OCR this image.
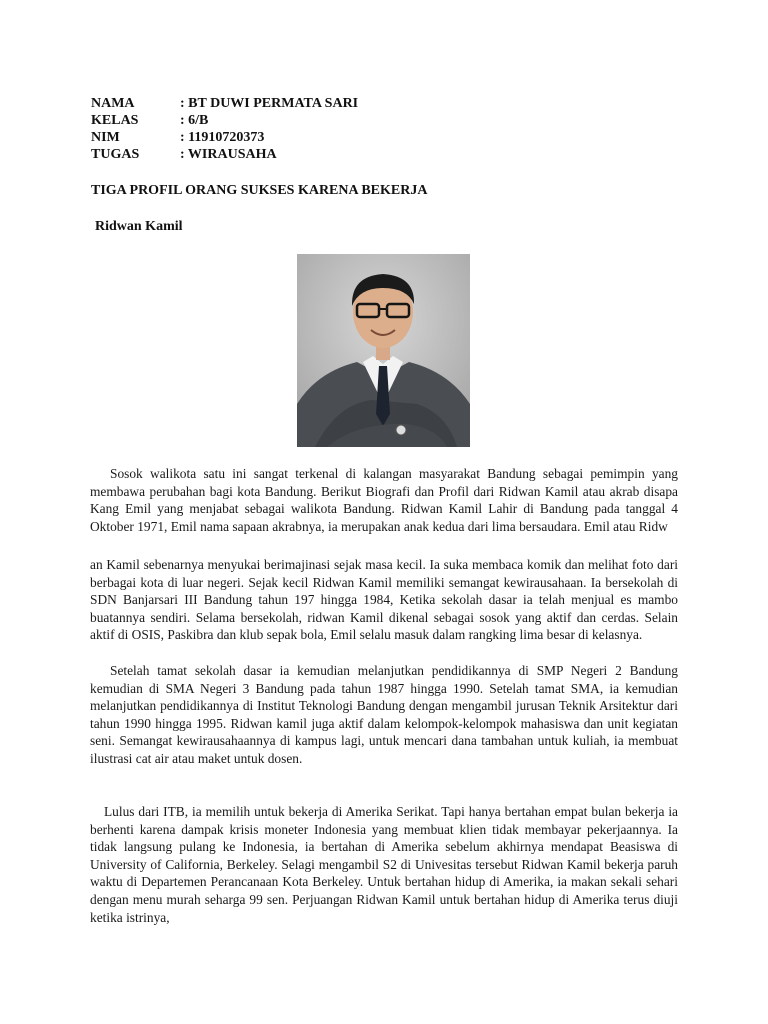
NAMA	: BT DUWI PERMATA SARI
KELAS	: 6/B
NIM	: 11910720373
TUGAS	: WIRAUSAHA
TIGA PROFIL ORANG SUKSES KARENA BEKERJA
Ridwan Kamil

Sosok walikota satu ini sangat terkenal di kalangan masyarakat Bandung sebagai pemimpin yang membawa perubahan bagi kota Bandung. Berikut Biografi dan Profil dari Ridwan Kamil atau akrab disapa Kang Emil yang menjabat sebagai walikota Bandung. Ridwan Kamil Lahir di Bandung pada tanggal 4 Oktober 1971, Emil nama sapaan akrabnya, ia merupakan anak kedua dari lima bersaudara. Emil atau Ridw

an Kamil sebenarnya menyukai berimajinasi sejak masa kecil. Ia suka membaca komik dan melihat foto dari berbagai kota di luar negeri. Sejak kecil Ridwan Kamil memiliki semangat kewirausahaan. Ia bersekolah di SDN Banjarsari III Bandung tahun 197 hingga 1984, Ketika sekolah dasar ia telah menjual es mambo buatannya sendiri. Selama bersekolah, ridwan Kamil dikenal sebagai sosok yang aktif dan cerdas. Selain aktif di OSIS, Paskibra dan klub sepak bola, Emil selalu masuk dalam rangking lima besar di kelasnya.

Setelah tamat sekolah dasar ia kemudian melanjutkan pendidikannya di SMP Negeri 2 Bandung kemudian di SMA Negeri 3 Bandung pada tahun 1987 hingga 1990. Setelah tamat SMA, ia kemudian melanjutkan pendidikannya di Institut Teknologi Bandung dengan mengambil jurusan Teknik Arsitektur dari tahun 1990 hingga 1995. Ridwan kamil juga aktif dalam kelompok-kelompok mahasiswa dan unit kegiatan seni. Semangat kewirausahaannya di kampus lagi, untuk mencari dana tambahan untuk kuliah, ia membuat ilustrasi cat air atau maket untuk dosen.

Lulus dari ITB, ia memilih untuk bekerja di Amerika Serikat. Tapi hanya bertahan empat bulan bekerja ia berhenti karena dampak krisis moneter Indonesia yang membuat klien tidak membayar pekerjaannya. Ia tidak langsung pulang ke Indonesia, ia bertahan di Amerika sebelum akhirnya mendapat Beasiswa di University of California, Berkeley. Selagi mengambil S2 di Univesitas tersebut Ridwan Kamil bekerja paruh waktu di Departemen Perancanaan Kota Berkeley. Untuk bertahan hidup di Amerika, ia makan sekali sehari dengan menu murah seharga 99 sen. Perjuangan Ridwan Kamil untuk bertahan hidup di Amerika terus diuji ketika istrinya,
